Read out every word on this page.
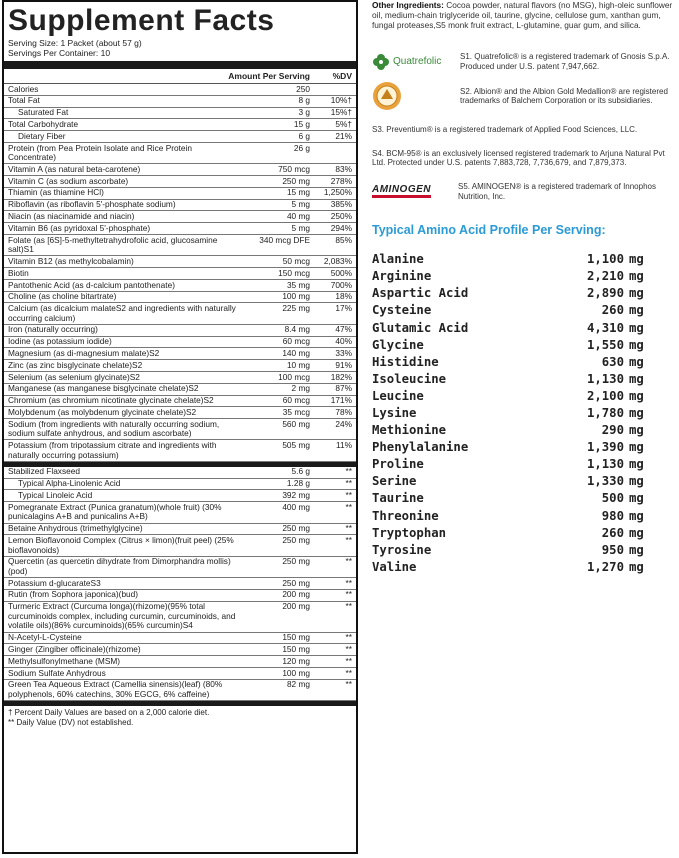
Supplement Facts
Serving Size: 1 Packet (about 57 g)
Servings Per Container: 10
Amount Per Serving	%DV
Calories	250
Total Fat	8 g	10%†
Saturated Fat	3 g	15%†
Total Carbohydrate	15 g	5%†
Dietary Fiber	6 g	21%
Protein (from Pea Protein Isolate and Rice Protein Concentrate)
26 g
Vitamin A (as natural beta-carotene)	750 mcg	83%
Vitamin C (as sodium ascorbate)	250 mg	278%
Thiamin (as thiamine HCl)	15 mg	1,250%
Riboflavin (as riboflavin 5'-phosphate sodium)	5 mg	385%
Niacin (as niacinamide and niacin)	40 mg	250%
Vitamin B6 (as pyridoxal 5'-phosphate)	5 mg	294%
Folate (as [6S]-5-methyltetrahydrofolic acid, glucosamine salt)S1
340 mcg DFE	85%
Vitamin B12 (as methylcobalamin)	50 mcg	2,083%
Biotin	150 mcg	500%
Pantothenic Acid (as d-calcium pantothenate)	35 mg	700%
Choline (as choline bitartrate)	100 mg	18%
Calcium (as dicalcium malateS2 and ingredients with naturally occurring calcium)
225 mg	17%
Iron (naturally occurring)	8.4 mg	47%
Iodine (as potassium iodide)	60 mcg	40%
Magnesium (as di-magnesium malate)S2	140 mg	33%
Zinc (as zinc bisglycinate chelate)S2	10 mg	91%
Selenium (as selenium glycinate)S2	100 mcg	182%
Manganese (as manganese bisglycinate chelate)S2	2 mg	87%
Chromium (as chromium nicotinate glycinate chelate)S2	60 mcg	171%
Molybdenum (as molybdenum glycinate chelate)S2	35 mcg	78%
Sodium (from ingredients with naturally occurring sodium, sodium sulfate anhydrous, and sodium ascorbate)
560 mg	24%
Potassium (from tripotassium citrate and ingredients with naturally occurring potassium)
505 mg	11%
Stabilized Flaxseed	5.6 g	**
Typical Alpha-Linolenic Acid	1.28 g	**
Typical Linoleic Acid	392 mg	**
Pomegranate Extract (Punica granatum)(whole fruit) (30% punicalagins A+B and punicalins A+B)
400 mg	**
Betaine Anhydrous (trimethylglycine)	250 mg	**
Lemon Bioflavonoid Complex (Citrus × limon)(fruit peel) (25% bioflavonoids)
250 mg	**
Quercetin (as quercetin dihydrate from Dimorphandra mollis)(pod)
250 mg	**
Potassium d-glucarateS3	250 mg	**
Rutin (from Sophora japonica)(bud)	200 mg	**
Turmeric Extract (Curcuma longa)(rhizome)(95% total curcuminoids complex, including curcumin, curcuminoids, and volatile oils)(86% curcuminoids)(65% curcumin)S4
200 mg	**
N-Acetyl-L-Cysteine	150 mg	**
Ginger (Zingiber officinale)(rhizome)	150 mg	**
Methylsulfonylmethane (MSM)	120 mg	**
Sodium Sulfate Anhydrous	100 mg	**
Green Tea Aqueous Extract (Camellia sinensis)(leaf) (80% polyphenols, 60% catechins, 30% EGCG, 6% caffeine)
82 mg	**
† Percent Daily Values are based on a 2,000 calorie diet.
** Daily Value (DV) not established.
Other Ingredients: Cocoa powder, natural flavors (no MSG), high-oleic sunflower oil, medium-chain triglyceride oil, taurine, glycine, cellulose gum, xanthan gum, fungal proteases,S5 monk fruit extract, L-glutamine, guar gum, and silica.
Quatrefolic S1. Quatrefolic® is a registered trademark of Gnosis S.p.A. Produced under U.S. patent 7,947,662.
S2. Albion® and the Albion Gold Medallion® are registered trademarks of Balchem Corporation or its subsidiaries.
S3. Preventium® is a registered trademark of Applied Food Sciences, LLC.
S4. BCM-95® is an exclusively licensed registered trademark to Arjuna Natural Pvt Ltd. Protected under U.S. patents 7,883,728, 7,736,679, and 7,879,373.
AMINOGEN	S5. AMINOGEN® is a registered trademark of Innophos Nutrition, Inc.
Typical Amino Acid Profile Per Serving:
Alanine	1,100 mg
Arginine	2,210 mg
Aspartic Acid	2,890 mg
Cysteine	260 mg
Glutamic Acid	4,310 mg
Glycine	1,550 mg
Histidine	630 mg
Isoleucine	1,130 mg
Leucine	2,100 mg
Lysine	1,780 mg
Methionine	290 mg
Phenylalanine	1,390 mg
Proline	1,130 mg
Serine	1,330 mg
Taurine	500 mg
Threonine	980 mg
Tryptophan	260 mg
Tyrosine	950 mg
Valine	1,270 mg
